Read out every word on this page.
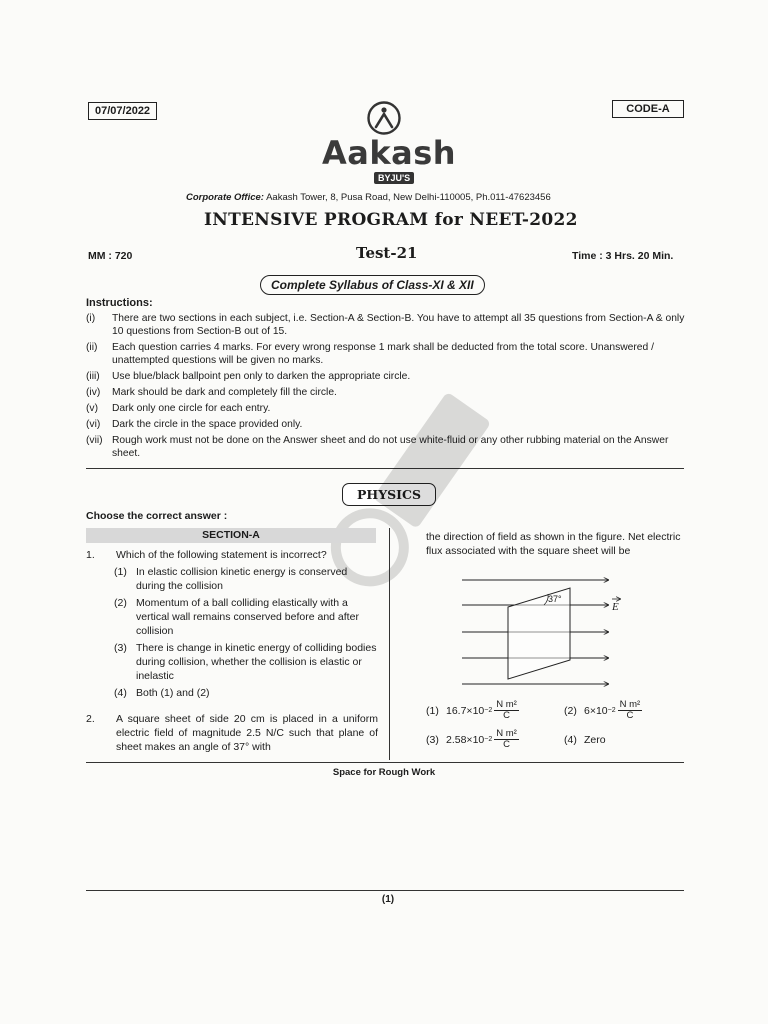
07/07/2022	CODE-A
Aakash
BYJU'S
Corporate Office: Aakash Tower, 8, Pusa Road, New Delhi-110005, Ph.011-47623456
INTENSIVE PROGRAM for NEET-2022
MM : 720	Test-21	Time : 3 Hrs. 20 Min.
Complete Syllabus of Class-XI & XII
Instructions:
(i)	There are two sections in each subject, i.e. Section-A & Section-B. You have to attempt all 35 questions from Section-A & only 10 questions from Section-B out of 15.
(ii)	Each question carries 4 marks. For every wrong response 1 mark shall be deducted from the total score. Unanswered / unattempted questions will be given no marks.
(iii)	Use blue/black ballpoint pen only to darken the appropriate circle.
(iv)	Mark should be dark and completely fill the circle.
(v)	Dark only one circle for each entry.
(vi)	Dark the circle in the space provided only.
(vii) Rough work must not be done on the Answer sheet and do not use white-fluid or any other rubbing material on the Answer sheet.
PHYSICS
Choose the correct answer :
SECTION-A
1.	Which of the following statement is incorrect?
(1) In elastic collision kinetic energy is conserved during the collision
(2) Momentum of a ball colliding elastically with a vertical wall remains conserved before and after collision
(3) There is change in kinetic energy of colliding bodies during collision, whether the collision is elastic or inelastic
(4) Both (1) and (2)
2.	A square sheet of side 20 cm is placed in a uniform electric field of magnitude 2.5 N/C such that plane of sheet makes an angle of 37° with
the direction of field as shown in the figure. Net electric flux associated with the square sheet will be
37°
E
(1) $16.7\times 10 -2 \frac{\text{N m²}}{C}$	(2) $6\times 10 -2 \frac{\text{N m²}}{C}$
(3) $2.58\times 10 -2 \frac{\text{N m²}}{C}$	(4) Zero
Space for Rough Work
(1)
